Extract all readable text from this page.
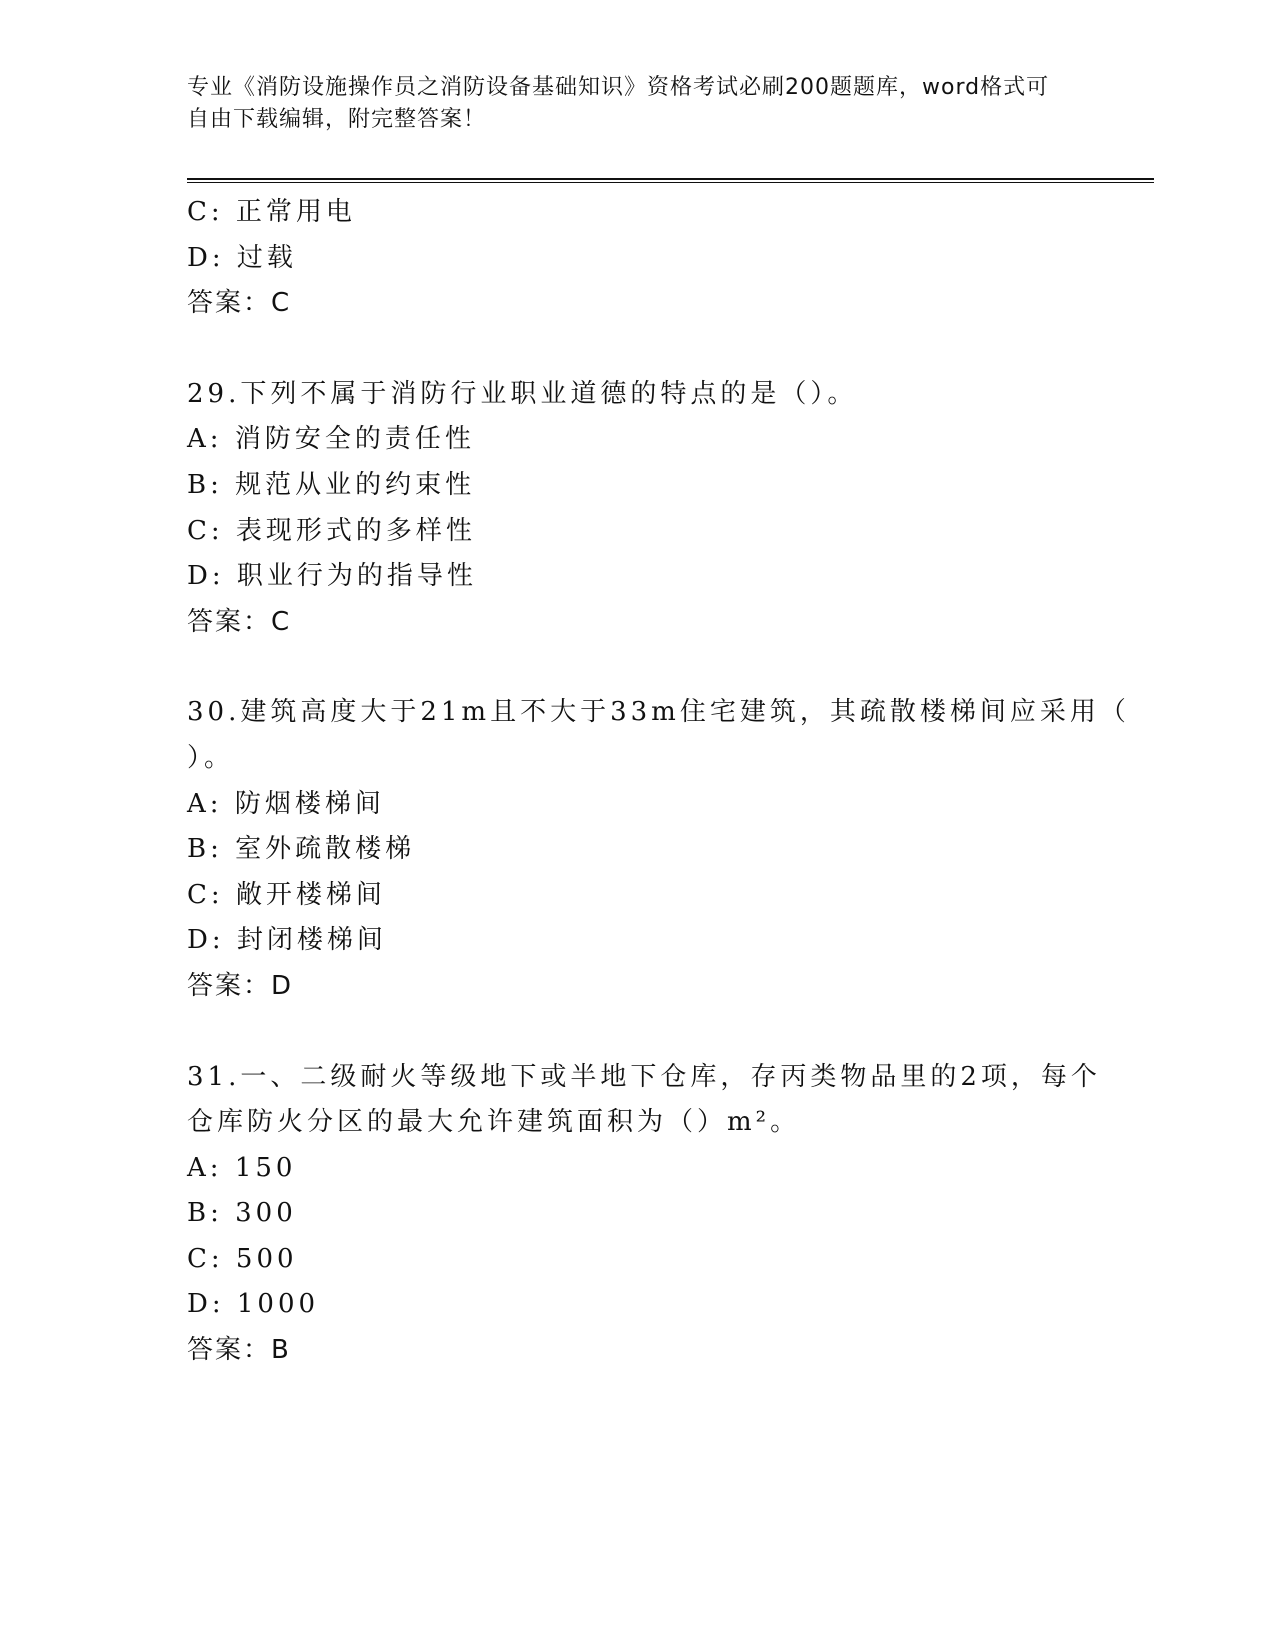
专业《消防设施操作员之消防设备基础知识》资格考试必刷200题题库，word格式可自由下载编辑，附完整答案！
C: 正常用电
D: 过载
答案：C
29.下列不属于消防行业职业道德的特点的是（）。
A: 消防安全的责任性
B: 规范从业的约束性
C: 表现形式的多样性
D: 职业行为的指导性
答案：C
30.建筑高度大于21m且不大于33m住宅建筑，其疏散楼梯间应采用（
）。
A: 防烟楼梯间
B: 室外疏散楼梯
C: 敞开楼梯间
D: 封闭楼梯间
答案：D
31.一、二级耐火等级地下或半地下仓库，存丙类物品里的2项，每个
仓库防火分区的最大允许建筑面积为（）m²。
A: 150
B: 300
C: 500
D: 1000
答案：B
